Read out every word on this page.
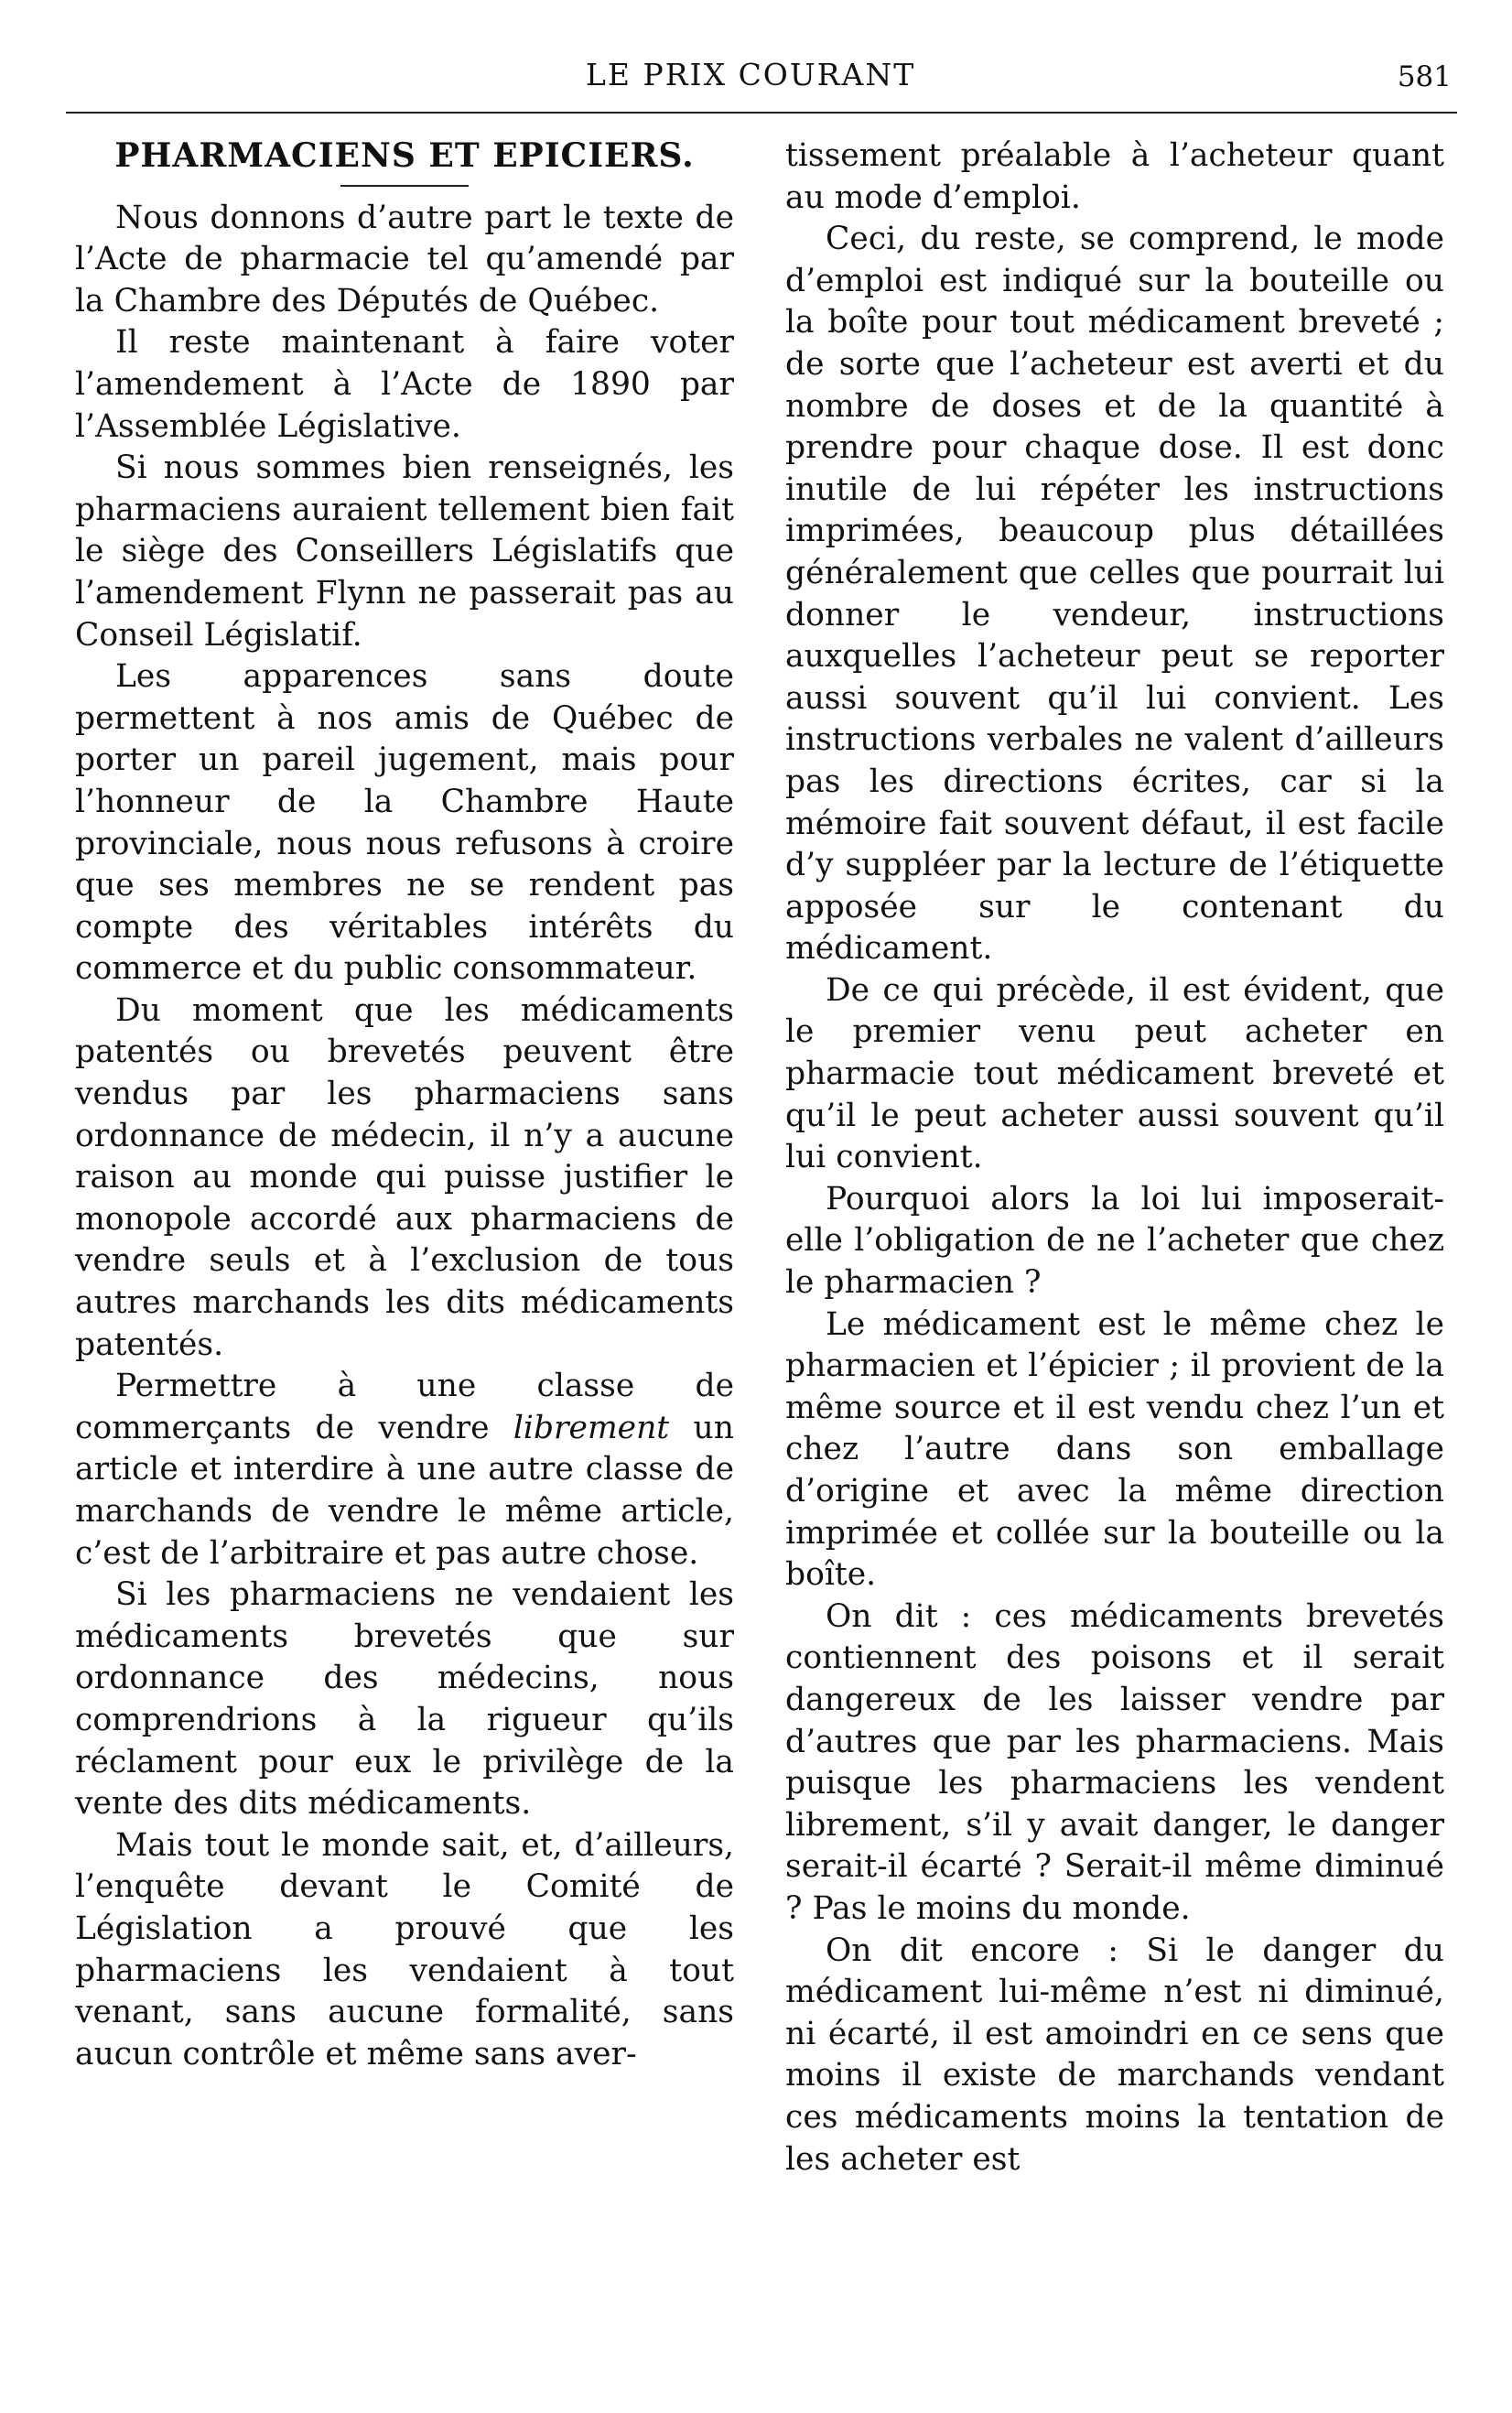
LE PRIX COURANT	581
PHARMACIENS ET EPICIERS.

Nous donnons d’autre part le texte de l’Acte de pharmacie tel qu’amendé par la Chambre des Députés de Québec.

Il reste maintenant à faire voter l’amendement à l’Acte de 1890 par l’Assemblée Législative.

Si nous sommes bien renseignés, les pharmaciens auraient tellement bien fait le siège des Conseillers Législatifs que l’amendement Flynn ne passerait pas au Conseil Législatif.

Les apparences sans doute permettent à nos amis de Québec de porter un pareil jugement, mais pour l’honneur de la Chambre Haute provinciale, nous nous refusons à croire que ses membres ne se rendent pas compte des véritables intérêts du commerce et du public consommateur.

Du moment que les médicaments patentés ou brevetés peuvent être vendus par les pharmaciens sans ordonnance de médecin, il n’y a aucune raison au monde qui puisse justifier le monopole accordé aux pharmaciens de vendre seuls et à l’exclusion de tous autres marchands les dits médicaments patentés.

Permettre à une classe de commerçants de vendre librement un article et interdire à une autre classe de marchands de vendre le même article, c’est de l’arbitraire et pas autre chose.

Si les pharmaciens ne vendaient les médicaments brevetés que sur ordonnance des médecins, nous comprendrions à la rigueur qu’ils réclament pour eux le privilège de la vente des dits médicaments.

Mais tout le monde sait, et, d’ailleurs, l’enquête devant le Comité de Législation a prouvé que les pharmaciens les vendaient à tout venant, sans aucune formalité, sans aucun contrôle et même sans aver-

tissement préalable à l’acheteur quant au mode d’emploi.

Ceci, du reste, se comprend, le mode d’emploi est indiqué sur la bouteille ou la boîte pour tout médicament breveté ; de sorte que l’acheteur est averti et du nombre de doses et de la quantité à prendre pour chaque dose. Il est donc inutile de lui répéter les instructions imprimées, beaucoup plus détaillées généralement que celles que pourrait lui donner le vendeur, instructions auxquelles l’acheteur peut se reporter aussi souvent qu’il lui convient. Les instructions verbales ne valent d’ailleurs pas les directions écrites, car si la mémoire fait souvent défaut, il est facile d’y suppléer par la lecture de l’étiquette apposée sur le contenant du médicament.

De ce qui précède, il est évident, que le premier venu peut acheter en pharmacie tout médicament breveté et qu’il le peut acheter aussi souvent qu’il lui convient.

Pourquoi alors la loi lui imposerait-elle l’obligation de ne l’acheter que chez le pharmacien ?

Le médicament est le même chez le pharmacien et l’épicier ; il provient de la même source et il est vendu chez l’un et chez l’autre dans son emballage d’origine et avec la même direction imprimée et collée sur la bouteille ou la boîte.

On dit : ces médicaments brevetés contiennent des poisons et il serait dangereux de les laisser vendre par d’autres que par les pharmaciens. Mais puisque les pharmaciens les vendent librement, s’il y avait danger, le danger serait-il écarté ? Serait-il même diminué ? Pas le moins du monde.

On dit encore : Si le danger du médicament lui-même n’est ni diminué, ni écarté, il est amoindri en ce sens que moins il existe de marchands vendant ces médicaments moins la tentation de les acheter est
